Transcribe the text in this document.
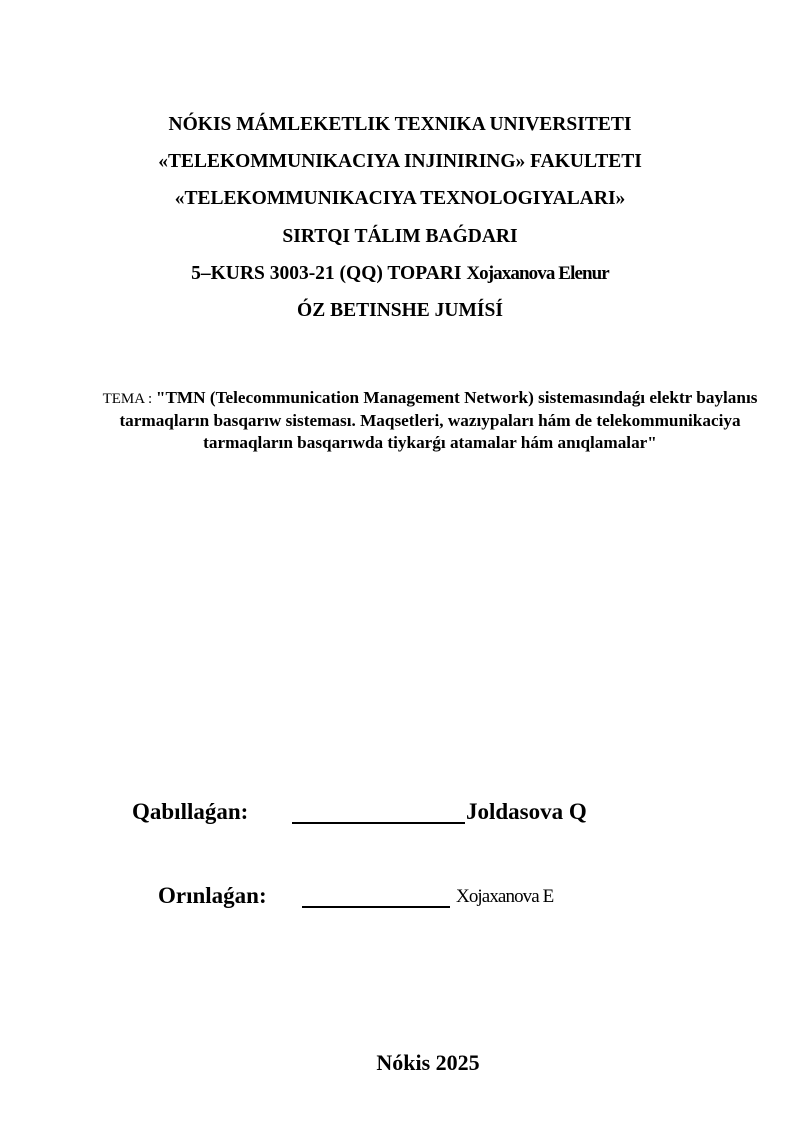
NÓKIS MÁMLEKETLIK TEXNIKA UNIVERSITETI
«TELEKOMMUNIKACIYA INJINIRING» FAKULTETI
«TELEKOMMUNIKACIYA TEXNOLOGIYALARI»
SIRTQI TÁLIM BAǴDARI
5–KURS 3003-21 (QQ) TOPARI Xojaxanova Elenur
ÓZ BETINSHE JUMÍSÍ
TEMA : "TMN (Telecommunication Management Network) sistemasındaǵı elektr baylanıs tarmaqların basqarıw sisteması. Maqsetleri, wazıypaları hám de telekommunikaciya tarmaqların basqarıwda tiykarǵı atamalar hám anıqlamalar"
Qabıllaǵan:	Joldasova Q
Orınlaǵan:	Xojaxanova E
Nókis 2025
